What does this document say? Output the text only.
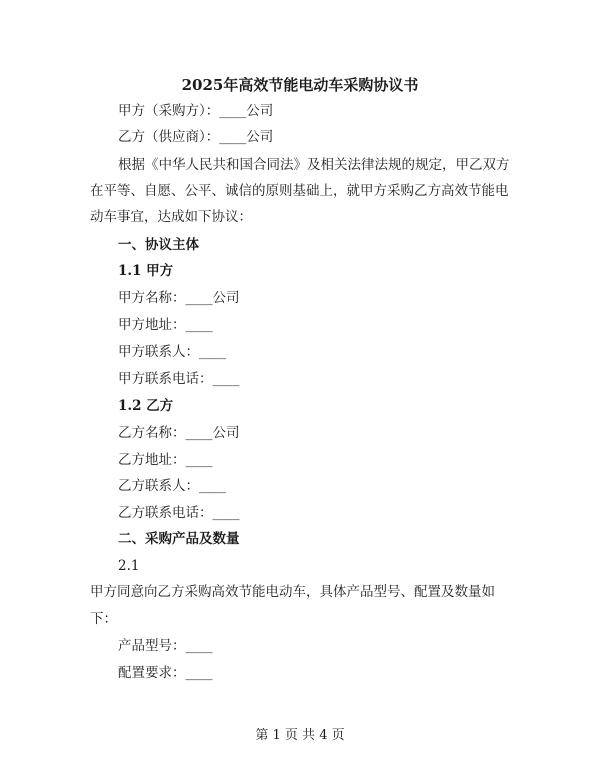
2025年高效节能电动车采购协议书
甲方（采购方）：____公司
乙方（供应商）：____公司
根据《中华人民共和国合同法》及相关法律法规的规定，甲乙双方在平等、自愿、公平、诚信的原则基础上，就甲方采购乙方高效节能电动车事宜，达成如下协议：
一、协议主体
1.1 甲方
甲方名称：____公司
甲方地址：____
甲方联系人：____
甲方联系电话：____
1.2 乙方
乙方名称：____公司
乙方地址：____
乙方联系人：____
乙方联系电话：____
二、采购产品及数量
2.1
甲方同意向乙方采购高效节能电动车，具体产品型号、配置及数量如
下：
产品型号：____
配置要求：____
第 1 页 共 4 页
